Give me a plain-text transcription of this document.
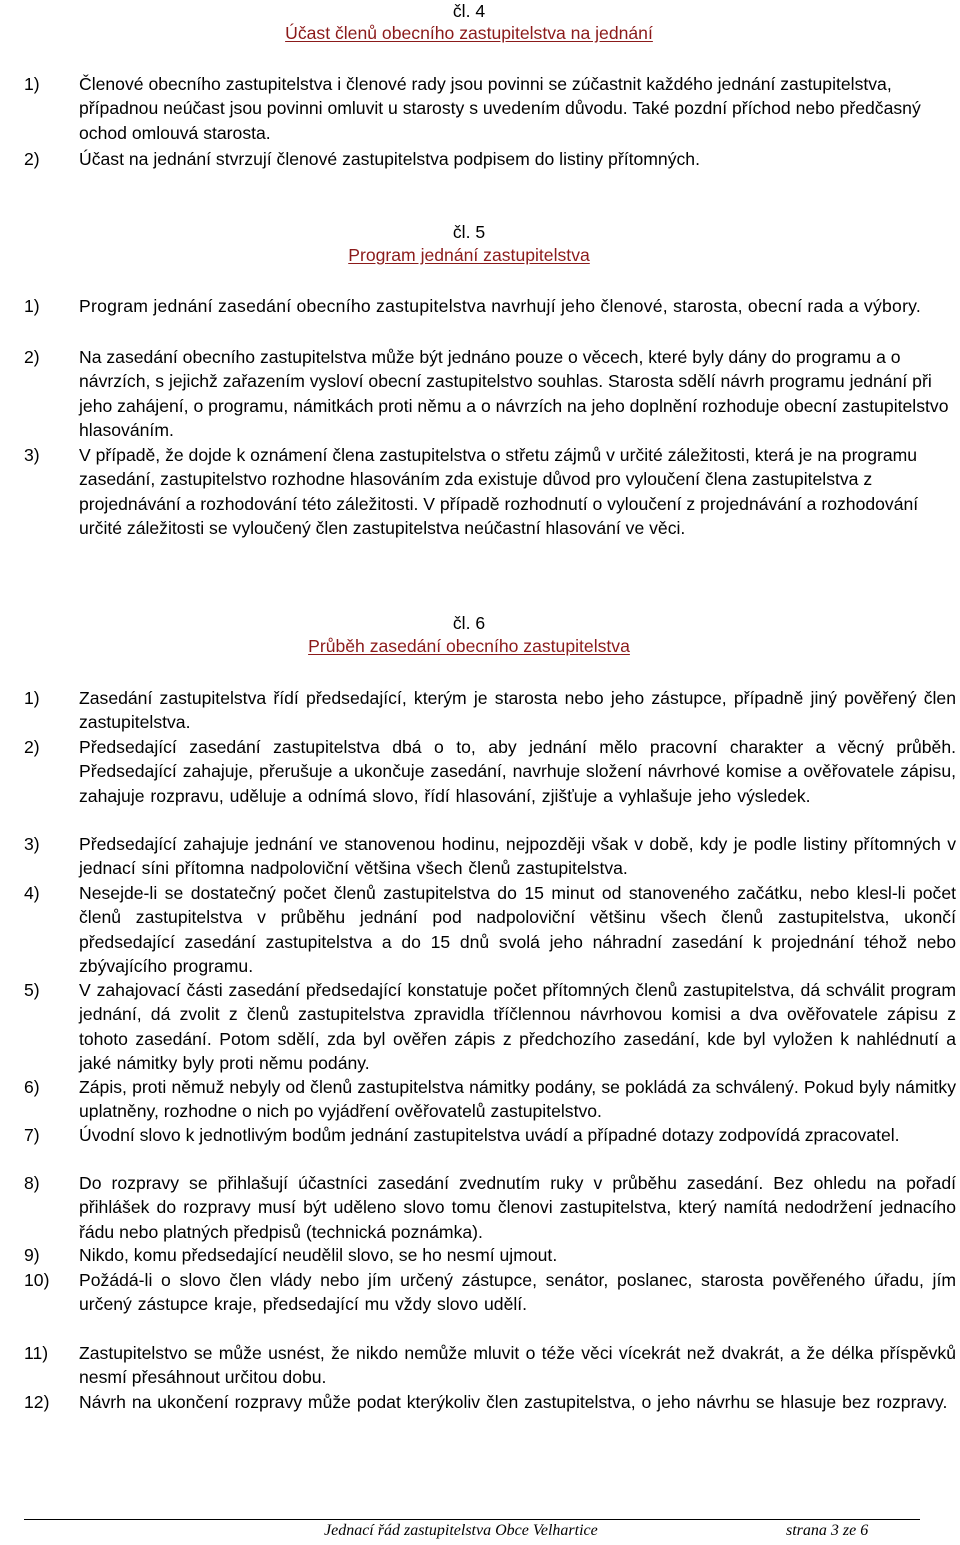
čl. 4
Účast členů obecního zastupitelstva na jednání
1) Členové obecního zastupitelstva i členové rady jsou povinni se zúčastnit každého jednání zastupitelstva, případnou neúčast jsou povinni omluvit u starosty s uvedením důvodu. Také pozdní příchod nebo předčasný ochod omlouvá starosta.
2) Účast na jednání stvrzují členové zastupitelstva podpisem do listiny přítomných.
čl. 5
Program jednání zastupitelstva
1) Program jednání zasedání obecního zastupitelstva navrhují jeho členové, starosta, obecní rada a výbory.
2) Na zasedání obecního zastupitelstva může být jednáno pouze o věcech, které byly dány do programu a o návrzích, s jejichž zařazením vysloví obecní zastupitelstvo souhlas. Starosta sdělí návrh programu jednání při jeho zahájení, o programu, námitkách proti němu a o návrzích na jeho doplnění rozhoduje obecní zastupitelstvo hlasováním.
3) V případě, že dojde k oznámení člena zastupitelstva o střetu zájmů v určité záležitosti, která je na programu zasedání, zastupitelstvo rozhodne hlasováním zda existuje důvod pro vyloučení člena zastupitelstva z projednávání a rozhodování této záležitosti. V případě rozhodnutí o vyloučení z projednávání a rozhodování určité záležitosti se vyloučený člen zastupitelstva neúčastní hlasování ve věci.
čl. 6
Průběh zasedání obecního zastupitelstva
1) Zasedání zastupitelstva řídí předsedající, kterým je starosta nebo jeho zástupce, případně jiný pověřený člen zastupitelstva.
2) Předsedající zasedání zastupitelstva dbá o to, aby jednání mělo pracovní charakter a věcný průběh. Předsedající zahajuje, přerušuje a ukončuje zasedání, navrhuje složení návrhové komise a ověřovatele zápisu, zahajuje rozpravu, uděluje a odnímá slovo, řídí hlasování, zjišťuje a vyhlašuje jeho výsledek.
3) Předsedající zahajuje jednání ve stanovenou hodinu, nejpozději však v době, kdy je podle listiny přítomných v jednací síni přítomna nadpoloviční většina všech členů zastupitelstva.
4) Nesejde-li se dostatečný počet členů zastupitelstva do 15 minut od stanoveného začátku, nebo klesl-li počet členů zastupitelstva v průběhu jednání pod nadpoloviční většinu všech členů zastupitelstva, ukončí předsedající zasedání zastupitelstva a do 15 dnů svolá jeho náhradní zasedání k projednání téhož nebo zbývajícího programu.
5) V zahajovací části zasedání předsedající konstatuje počet přítomných členů zastupitelstva, dá schválit program jednání, dá zvolit z členů zastupitelstva zpravidla tříčlennou návrhovou komisi a dva ověřovatele zápisu z tohoto zasedání. Potom sdělí, zda byl ověřen zápis z předchozího zasedání, kde byl vyložen k nahlédnutí a jaké námitky byly proti němu podány.
6) Zápis, proti němuž nebyly od členů zastupitelstva námitky podány, se pokládá za schválený. Pokud byly námitky uplatněny, rozhodne o nich po vyjádření ověřovatelů zastupitelstvo.
7) Úvodní slovo k jednotlivým bodům jednání zastupitelstva uvádí a případné dotazy zodpovídá zpracovatel.
8) Do rozpravy se přihlašují účastníci zasedání zvednutím ruky v průběhu zasedání. Bez ohledu na pořadí přihlášek do rozpravy musí být uděleno slovo tomu členovi zastupitelstva, který namítá nedodržení jednacího řádu nebo platných předpisů (technická poznámka).
9) Nikdo, komu předsedající neudělil slovo, se ho nesmí ujmout.
10) Požádá-li o slovo člen vlády nebo jím určený zástupce, senátor, poslanec, starosta pověřeného úřadu, jím určený zástupce kraje, předsedající mu vždy slovo udělí.
11) Zastupitelstvo se může usnést, že nikdo nemůže mluvit o téže věci vícekrát než dvakrát, a že délka příspěvků nesmí přesáhnout určitou dobu.
12) Návrh na ukončení rozpravy může podat kterýkoliv člen zastupitelstva, o jeho návrhu se hlasuje bez rozpravy.
Jednací řád zastupitelstva Obce Velhartice	strana 3 ze 6
